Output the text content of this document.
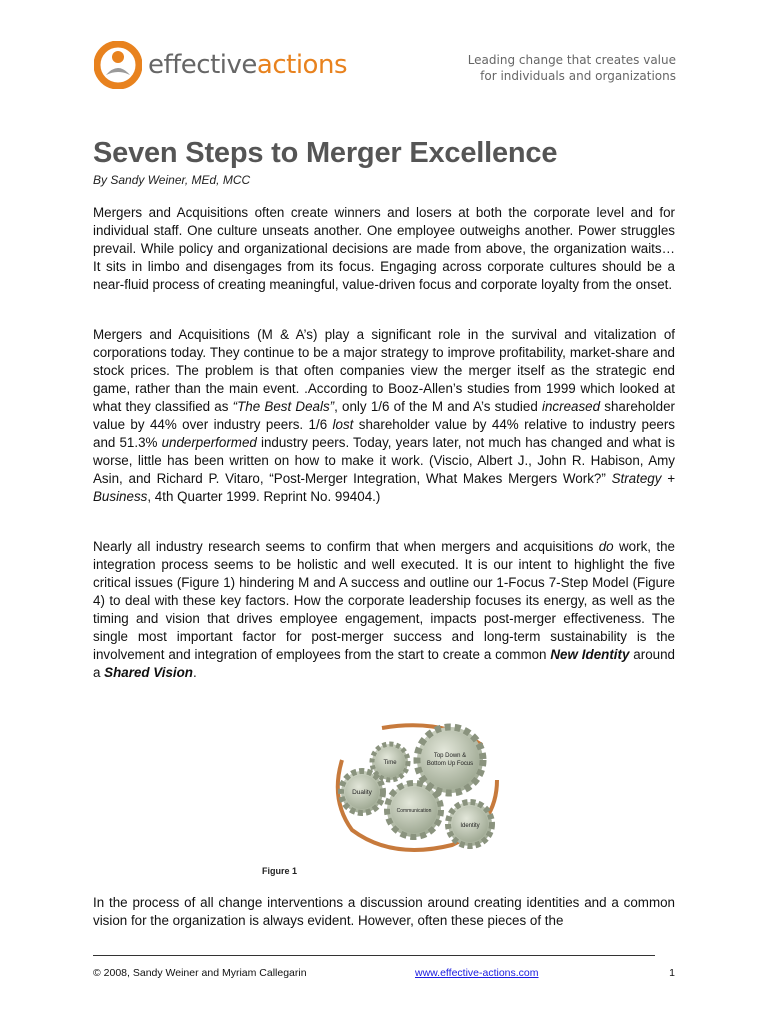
effectiveactions	Leading change that creates value
for individuals and organizations
Seven Steps to Merger Excellence
By Sandy Weiner, MEd, MCC
Mergers and Acquisitions often create winners and losers at both the corporate level and for individual staff. One culture unseats another. One employee outweighs another. Power struggles prevail. While policy and organizational decisions are made from above, the organization waits… It sits in limbo and disengages from its focus. Engaging across corporate cultures should be a near-fluid process of creating meaningful, value-driven focus and corporate loyalty from the onset.
Mergers and Acquisitions (M & A’s) play a significant role in the survival and vitalization of corporations today. They continue to be a major strategy to improve profitability, market-share and stock prices. The problem is that often companies view the merger itself as the strategic end game, rather than the main event. .According to Booz-Allen’s studies from 1999 which looked at what they classified as “The Best Deals”, only 1/6 of the M and A’s studied increased shareholder value by 44% over industry peers. 1/6 lost shareholder value by 44% relative to industry peers and 51.3% underperformed industry peers. Today, years later, not much has changed and what is worse, little has been written on how to make it work. (Viscio, Albert J., John R. Habison, Amy Asin, and Richard P. Vitaro, “Post-Merger Integration, What Makes Mergers Work?” Strategy + Business, 4th Quarter 1999. Reprint No. 99404.)
Nearly all industry research seems to confirm that when mergers and acquisitions do work, the integration process seems to be holistic and well executed. It is our intent to highlight the five critical issues (Figure 1) hindering M and A success and outline our 1-Focus 7-Step Model (Figure 4) to deal with these key factors. How the corporate leadership focuses its energy, as well as the timing and vision that drives employee engagement, impacts post-merger effectiveness. The single most important factor for post-merger success and long-term sustainability is the involvement and integration of employees from the start to create a common New Identity around a Shared Vision.
Time
Top Down &
Bottom Up Focus
Duality
Communication
Identity
Figure 1
In the process of all change interventions a discussion around creating identities and a common vision for the organization is always evident. However, often these pieces of the
© 2008, Sandy Weiner and Myriam Callegarin	www.effective-actions.com	1
